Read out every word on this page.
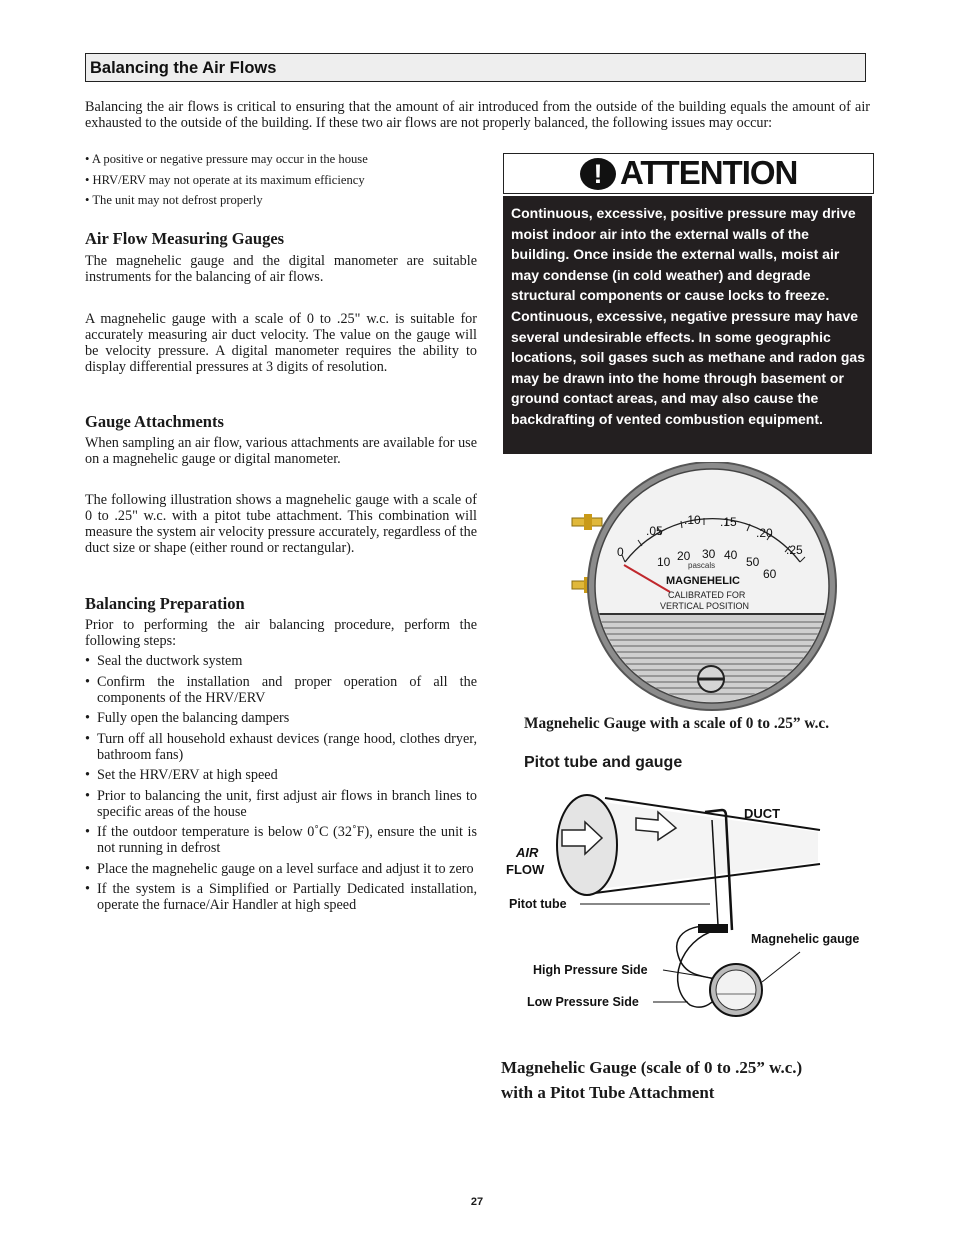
Balancing the Air Flows
Balancing the air flows is critical to ensuring that the amount of air introduced from the outside of the building equals the amount of air exhausted to the outside of the building. If these two air flows are not properly balanced, the following issues may occur:
• A positive or negative pressure may occur in the house
• HRV/ERV may not operate at its maximum efficiency
• The unit may not defrost properly
Air Flow Measuring Gauges

The magnehelic gauge and the digital manometer are suitable instruments for the balancing of air flows.

A magnehelic gauge with a scale of 0 to .25" w.c. is suitable for accurately measuring air duct velocity. The value on the gauge will be velocity pressure. A digital manometer requires the ability to display differential pressures at 3 digits of resolution.

Gauge Attachments

When sampling an air flow, various attachments are available for use on a magnehelic gauge or digital manometer.

The following illustration shows a magnehelic gauge with a scale of 0 to .25" w.c. with a pitot tube attachment. This combination will measure the system air velocity pressure accurately, regardless of the duct size or shape (either round or rectangular).

Balancing Preparation

Prior to performing the air balancing procedure, perform the following steps:

• Seal the ductwork system
• Confirm the installation and proper operation of all the components of the HRV/ERV
• Fully open the balancing dampers
• Turn off all household exhaust devices (range hood, clothes dryer, bathroom fans)
• Set the HRV/ERV at high speed
• Prior to balancing the unit, first adjust air flows in branch lines to specific areas of the house
• If the outdoor temperature is below 0˚C (32˚F), ensure the unit is not running in defrost
• Place the magnehelic gauge on a level surface and adjust it to zero
• If the system is a Simplified or Partially Dedicated installation, operate the furnace/Air Handler at high speed
! ATTENTION
Continuous, excessive, positive pressure may drive moist indoor air into the external walls of the building. Once inside the external walls, moist air may condense (in cold weather) and degrade structural components or cause locks to freeze. Continuous, excessive, negative pressure may have several undesirable effects. In some geographic locations, soil gases such as methane and radon gas may be drawn into the home through basement or ground contact areas, and may also cause the backdrafting of vented combustion equipment.
0
.05
.10 .15
.20
.25
10 20 30 40 50
60
pascals
MAGNEHELIC
CALIBRATED FOR
VERTICAL POSITION
Magnehelic Gauge with a scale of 0 to .25” w.c.
Pitot tube and gauge
DUCT
AIR
FLOW
Pitot tube
Magnehelic gauge
High Pressure Side
Low Pressure Side
Magnehelic Gauge (scale of 0 to .25” w.c.)
with a Pitot Tube Attachment
27
